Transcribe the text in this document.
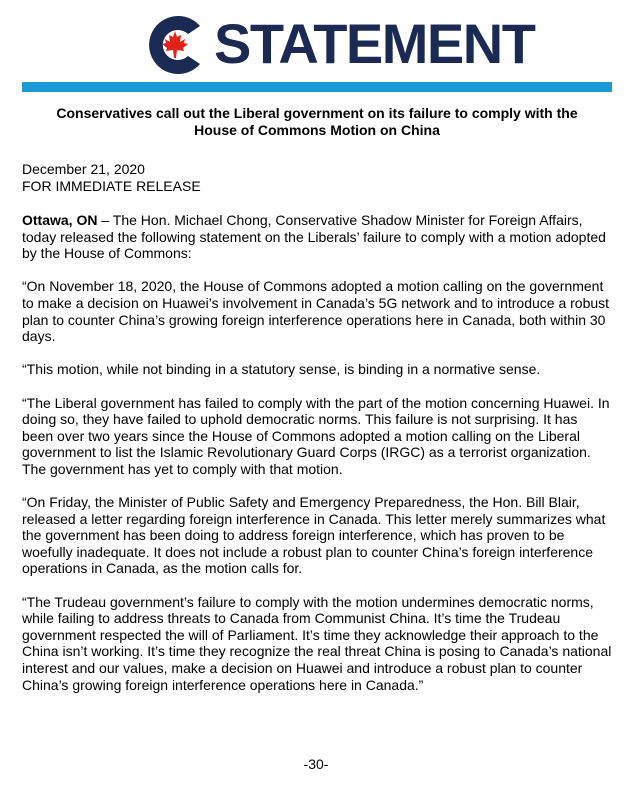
STATEMENT
Conservatives call out the Liberal government on its failure to comply with the
House of Commons Motion on China
December 21, 2020
FOR IMMEDIATE RELEASE

Ottawa, ON – The Hon. Michael Chong, Conservative Shadow Minister for Foreign Affairs, today released the following statement on the Liberals’ failure to comply with a motion adopted by the House of Commons:

“On November 18, 2020, the House of Commons adopted a motion calling on the government to make a decision on Huawei’s involvement in Canada’s 5G network and to introduce a robust plan to counter China’s growing foreign interference operations here in Canada, both within 30 days.

“This motion, while not binding in a statutory sense, is binding in a normative sense.

“The Liberal government has failed to comply with the part of the motion concerning Huawei. In doing so, they have failed to uphold democratic norms. This failure is not surprising. It has been over two years since the House of Commons adopted a motion calling on the Liberal government to list the Islamic Revolutionary Guard Corps (IRGC) as a terrorist organization. The government has yet to comply with that motion.

“On Friday, the Minister of Public Safety and Emergency Preparedness, the Hon. Bill Blair, released a letter regarding foreign interference in Canada. This letter merely summarizes what the government has been doing to address foreign interference, which has proven to be woefully inadequate. It does not include a robust plan to counter China’s foreign interference operations in Canada, as the motion calls for.

“The Trudeau government’s failure to comply with the motion undermines democratic norms, while failing to address threats to Canada from Communist China. It’s time the Trudeau government respected the will of Parliament. It’s time they acknowledge their approach to the China isn’t working. It’s time they recognize the real threat China is posing to Canada’s national interest and our values, make a decision on Huawei and introduce a robust plan to counter China’s growing foreign interference operations here in Canada.”

-30-
